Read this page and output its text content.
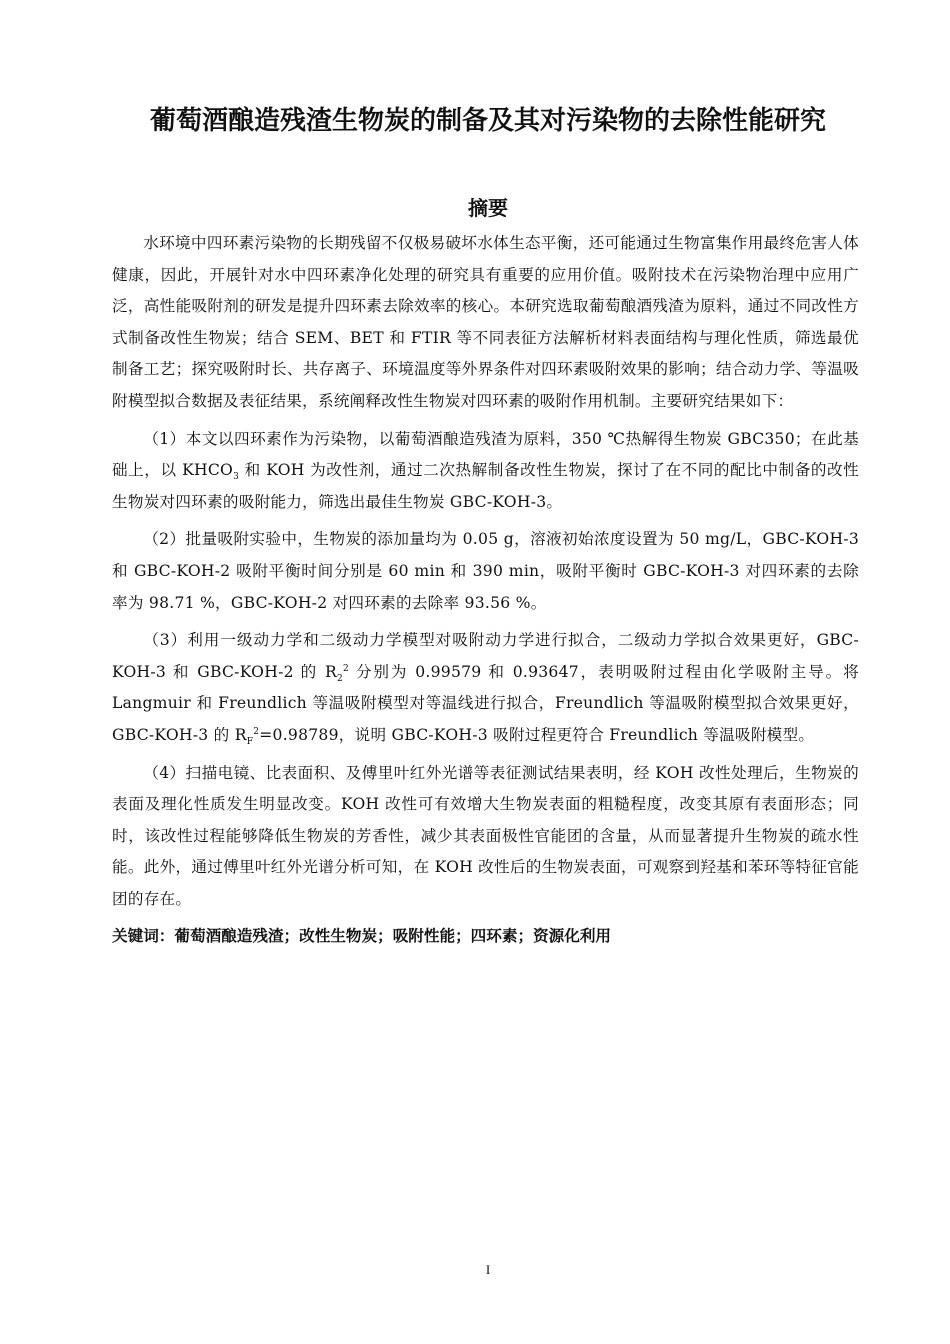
葡萄酒酿造残渣生物炭的制备及其对污染物的去除性能研究
摘要

水环境中四环素污染物的长期残留不仅极易破坏水体生态平衡，还可能通过生物富集作用最终危害人体健康，因此，开展针对水中四环素净化处理的研究具有重要的应用价值。吸附技术在污染物治理中应用广泛，高性能吸附剂的研发是提升四环素去除效率的核心。本研究选取葡萄酿酒残渣为原料，通过不同改性方式制备改性生物炭；结合 SEM、BET 和 FTIR 等不同表征方法解析材料表面结构与理化性质，筛选最优制备工艺；探究吸附时长、共存离子、环境温度等外界条件对四环素吸附效果的影响；结合动力学、等温吸附模型拟合数据及表征结果，系统阐释改性生物炭对四环素的吸附作用机制。主要研究结果如下：

（1）本文以四环素作为污染物，以葡萄酒酿造残渣为原料，350 ℃热解得生物炭 GBC350；在此基础上，以 $KHCO_3$ 和 KOH 为改性剂，通过二次热解制备改性生物炭，探讨了在不同的配比中制备的改性生物炭对四环素的吸附能力，筛选出最佳生物炭 GBC-KOH-3。

（2）批量吸附实验中，生物炭的添加量均为 0.05 g，溶液初始浓度设置为 50 mg/L，GBC-KOH-3 和 GBC-KOH-2 吸附平衡时间分别是 60 min 和 390 min，吸附平衡时 GBC-KOH-3 对四环素的去除率为 98.71 %，GBC-KOH-2 对四环素的去除率 93.56 %。

（3）利用一级动力学和二级动力学模型对吸附动力学进行拟合，二级动力学拟合效果更好，GBC-KOH-3 和 GBC-KOH-2 的 $R_2^2$ 分别为 0.99579 和 0.93647，表明吸附过程由化学吸附主导。将 Langmuir 和 Freundlich 等温吸附模型对等温线进行拟合，Freundlich 等温吸附模型拟合效果更好，GBC-KOH-3 的 $R_F^2=0.98789$，说明 GBC-KOH-3 吸附过程更符合 Freundlich 等温吸附模型。

（4）扫描电镜、比表面积、及傅里叶红外光谱等表征测试结果表明，经 KOH 改性处理后，生物炭的表面及理化性质发生明显改变。KOH 改性可有效增大生物炭表面的粗糙程度，改变其原有表面形态；同时，该改性过程能够降低生物炭的芳香性，减少其表面极性官能团的含量，从而显著提升生物炭的疏水性能。此外，通过傅里叶红外光谱分析可知，在 KOH 改性后的生物炭表面，可观察到羟基和苯环等特征官能团的存在。

关键词：葡萄酒酿造残渣；改性生物炭；吸附性能；四环素；资源化利用

I
